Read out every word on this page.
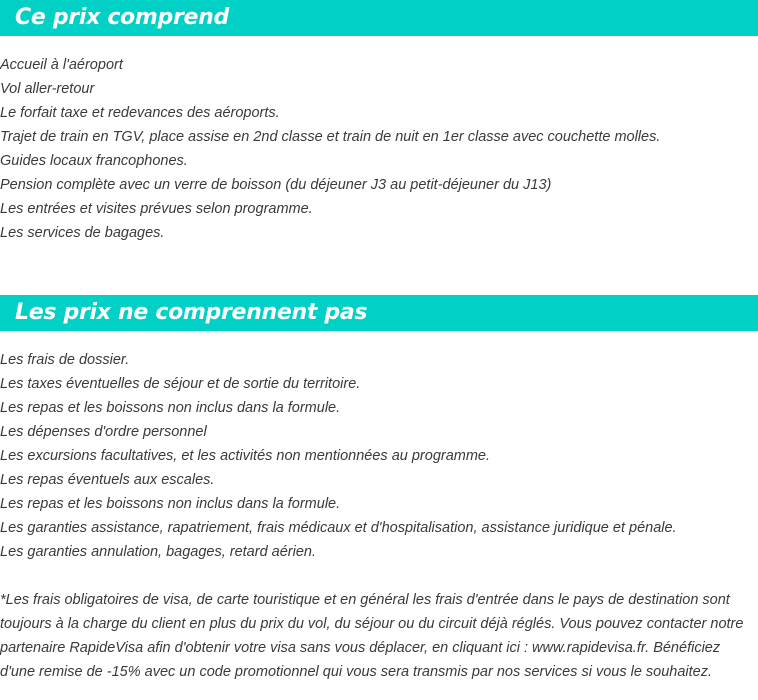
Ce prix comprend
Accueil à l'aéroport
Vol aller-retour
Le forfait taxe et redevances des aéroports.
Trajet de train en TGV, place assise en 2nd classe et train de nuit en 1er classe avec couchette molles.
Guides locaux francophones.
Pension complète avec un verre de boisson (du déjeuner J3 au petit-déjeuner du J13)
Les entrées et visites prévues selon programme.
Les services de bagages.
Les prix ne comprennent pas
Les frais de dossier.
Les taxes éventuelles de séjour et de sortie du territoire.
Les repas et les boissons non inclus dans la formule.
Les dépenses d'ordre personnel
Les excursions facultatives, et les activités non mentionnées au programme.
Les repas éventuels aux escales.
Les repas et les boissons non inclus dans la formule.
Les garanties assistance, rapatriement, frais médicaux et d'hospitalisation, assistance juridique et pénale.
Les garanties annulation, bagages, retard aérien.

*Les frais obligatoires de visa, de carte touristique et en général les frais d'entrée dans le pays de destination sont toujours à la charge du client en plus du prix du vol, du séjour ou du circuit déjà réglés. Vous pouvez contacter notre partenaire RapideVisa afin d'obtenir votre visa sans vous déplacer, en cliquant ici : www.rapidevisa.fr. Bénéficiez d'une remise de -15% avec un code promotionnel qui vous sera transmis par nos services si vous le souhaitez.
